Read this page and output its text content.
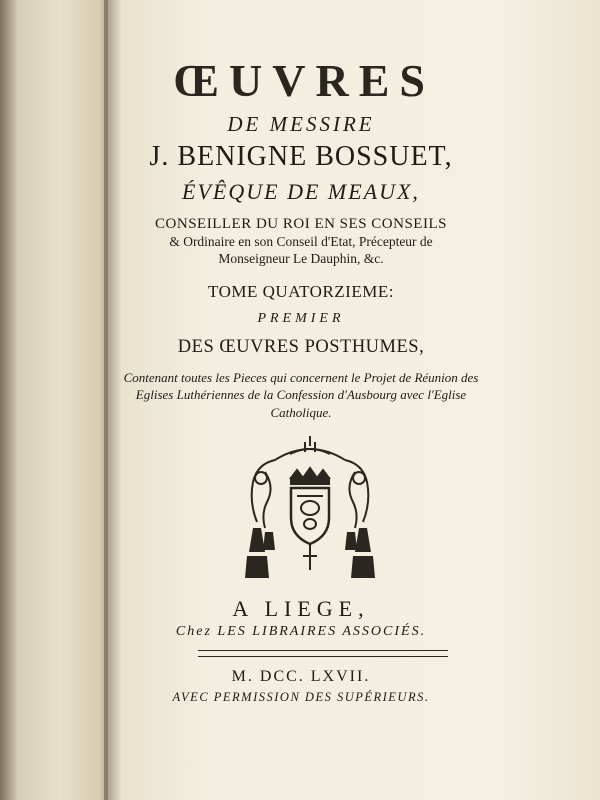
ŒUVRES
DE MESSIRE
J. BENIGNE BOSSUET,
ÉVÊQUE DE MEAUX,
CONSEILLER DU ROI EN SES CONSEILS
& Ordinaire en son Conseil d'Etat, Précepteur de
Monseigneur Le Dauphin, &c.
TOME QUATORZIEME:
PREMIER
DES ŒUVRES POSTHUMES,
Contenant toutes les Pieces qui concernent le Projet de Réunion des Eglises Luthériennes de la Confession d'Ausbourg avec l'Eglise Catholique.
A LIEGE,
Chez LES LIBRAIRES ASSOCIÉS.
M. DCC. LXVII.
AVEC PERMISSION DES SUPÉRIEURS.
